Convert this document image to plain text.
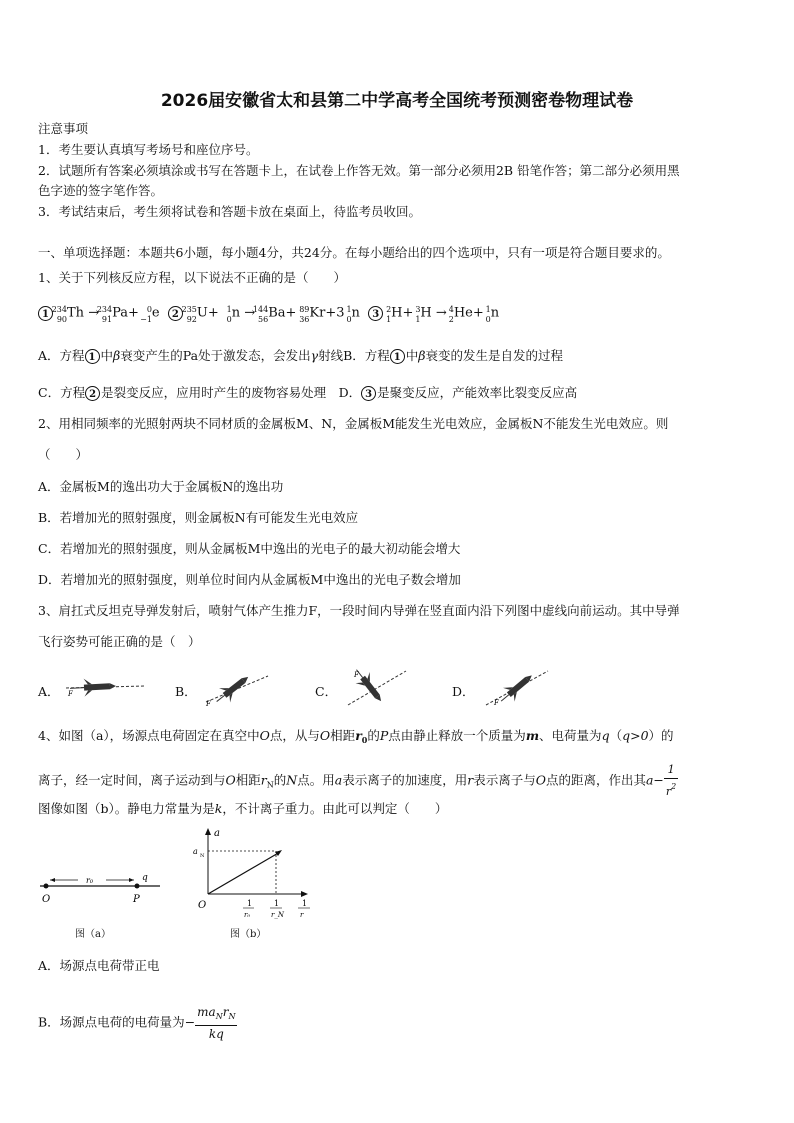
2026届安徽省太和县第二中学高考全国统考预测密卷物理试卷
注意事项
1．考生要认真填写考场号和座位序号。
2．试题所有答案必须填涂或书写在答题卡上，在试卷上作答无效。第一部分必须用2B 铅笔作答；第二部分必须用黑
色字迹的签字笔作答。
3．考试结束后，考生须将试卷和答题卡放在桌面上，待监考员收回。
一、单项选择题：本题共6小题，每小题4分，共24分。在每小题给出的四个选项中，只有一项是符合题目要求的。
1、关于下列核反应方程，以下说法不正确的是（　　）
1 234
90 Th →
234
91 Pa+ 0
−1 e 2 235
92 U+ 1
0 n →
144
56 Ba+ 89
36 Kr+3 1
0 n 3 2
1 H+ 3
1 H → 4
2 He+ 1
0 n
A．方程 1 中β衰变产生的Pa处于激发态，会发出γ射线B．方程 1 中β衰变的发生是自发的过程
C．方程 2 是裂变反应，应用时产生的废物容易处理　D． 3 是聚变反应，产能效率比裂变反应高
2、用相同频率的光照射两块不同材质的金属板M、N，金属板M能发生光电效应，金属板N不能发生光电效应。则
（　　）
A．金属板M的逸出功大于金属板N的逸出功
B．若增加光的照射强度，则金属板N有可能发生光电效应
C．若增加光的照射强度，则从金属板M中逸出的光电子的最大初动能会增大
D．若增加光的照射强度，则单位时间内从金属板M中逸出的光电子数会增加
3、肩扛式反坦克导弹发射后，喷射气体产生推力F，一段时间内导弹在竖直面内沿下列图中虚线向前运动。其中导弹
飞行姿势可能正确的是（　）
A． F	B．
F
C．
F
D．
F
4、如图（a），场源点电荷固定在真空中O点，从与O相距$r_0$的P点由静止释放一个质量为m、电荷量为q（q>0）的
离子，经一定时间，离子运动到与O相距$r_N$的N点。用a表示离子的加速度，用r表示离子与O点的距离，作出其$a- \frac{1}{r^2}$
图像如图（b）。静电力常量为是k，不计离子重力。由此可以判定（　　）
r₀	q
O	P
图（a）
a
a N
O	1
r₀
1
r_N
1
r
图（b）
A．场源点电荷带正电
B．场源点电荷的电荷量为− $\frac{ma_Nr_N}{kq}$
